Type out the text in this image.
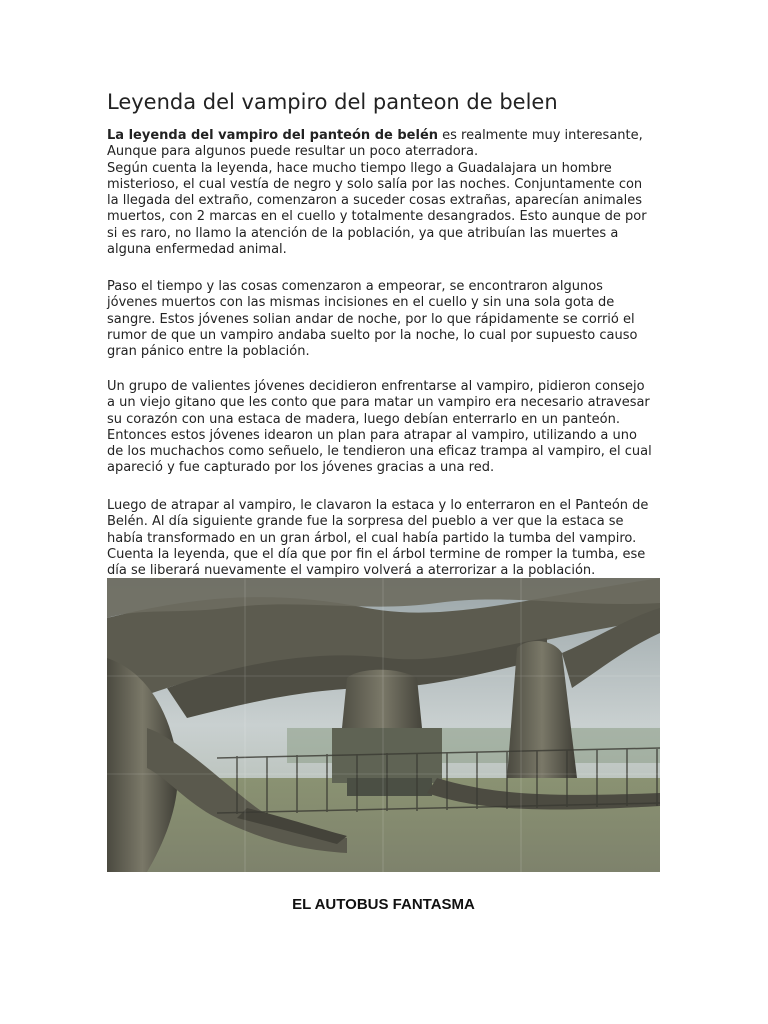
Leyenda del vampiro del panteon de belen
La leyenda del vampiro del panteón de belén es realmente muy interesante,
Aunque para algunos puede resultar un poco aterradora.
Según cuenta la leyenda, hace mucho tiempo llego a Guadalajara un hombre
misterioso, el cual vestía de negro y solo salía por las noches. Conjuntamente con
la llegada del extraño, comenzaron a suceder cosas extrañas, aparecían animales
muertos, con 2 marcas en el cuello y totalmente desangrados. Esto aunque de por
si es raro, no llamo la atención de la población, ya que atribuían las muertes a
alguna enfermedad animal.
Paso el tiempo y las cosas comenzaron a empeorar, se encontraron algunos
jóvenes muertos con las mismas incisiones en el cuello y sin una sola gota de
sangre. Estos jóvenes solian andar de noche, por lo que rápidamente se corrió el
rumor de que un vampiro andaba suelto por la noche, lo cual por supuesto causo
gran pánico entre la población.
Un grupo de valientes jóvenes decidieron enfrentarse al vampiro, pidieron consejo
a un viejo gitano que les conto que para matar un vampiro era necesario atravesar
su corazón con una estaca de madera, luego debían enterrarlo en un panteón.
Entonces estos jóvenes idearon un plan para atrapar al vampiro, utilizando a uno
de los muchachos como señuelo, le tendieron una eficaz trampa al vampiro, el cual
apareció y fue capturado por los jóvenes gracias a una red.
Luego de atrapar al vampiro, le clavaron la estaca y lo enterraron en el Panteón de
Belén. Al día siguiente grande fue la sorpresa del pueblo a ver que la estaca se
había transformado en un gran árbol, el cual había partido la tumba del vampiro.
Cuenta la leyenda, que el día que por fin el árbol termine de romper la tumba, ese
día se liberará nuevamente el vampiro volverá a aterrorizar a la población.
EL AUTOBUS FANTASMA
